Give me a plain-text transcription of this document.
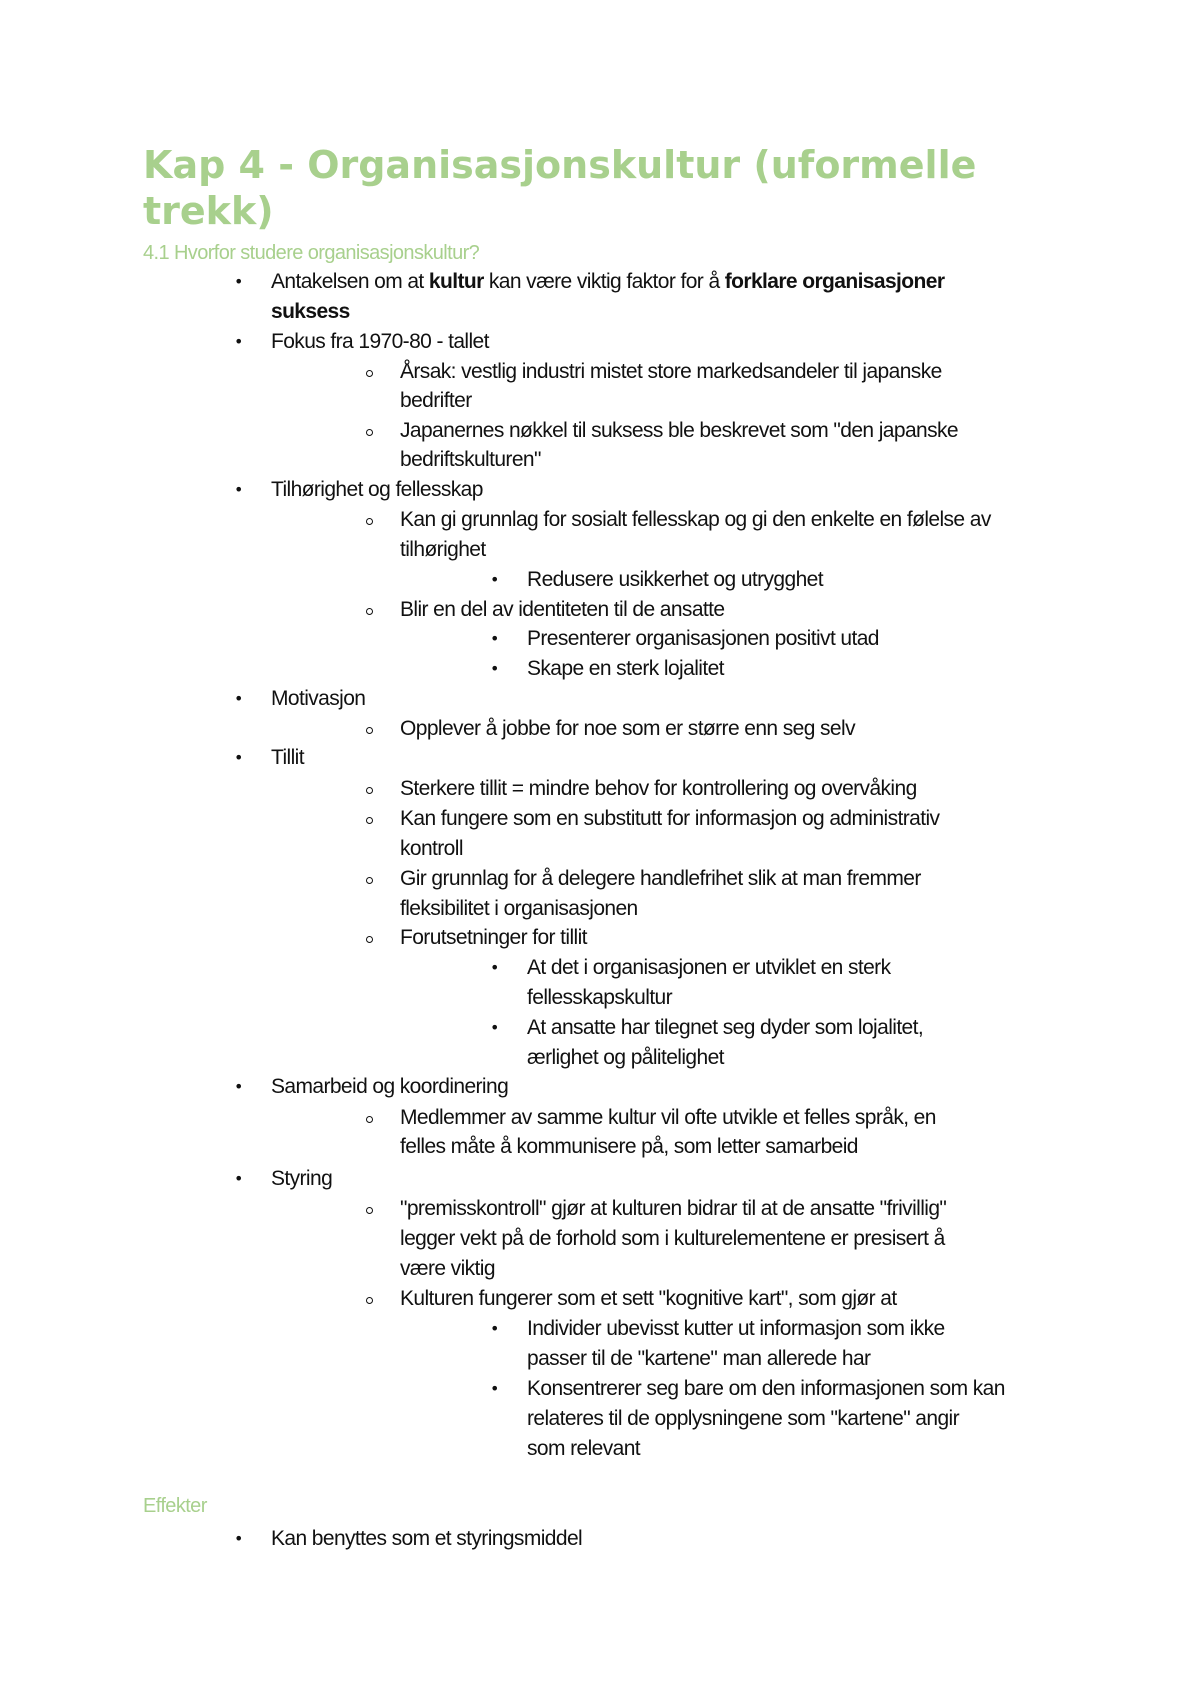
Kap 4 - Organisasjonskultur (uformelle trekk)
4.1 Hvorfor studere organisasjonskultur?
Effekter
• Antakelsen om at kultur kan være viktig faktor for å forklare organisasjoner
suksess
• Fokus fra 1970-80 - tallet
Årsak: vestlig industri mistet store markedsandeler til japanske
bedrifter
Japanernes nøkkel til suksess ble beskrevet som "den japanske
bedriftskulturen"
• Tilhørighet og fellesskap
Kan gi grunnlag for sosialt fellesskap og gi den enkelte en følelse av
tilhørighet
• Redusere usikkerhet og utrygghet
Blir en del av identiteten til de ansatte
• Presenterer organisasjonen positivt utad
• Skape en sterk lojalitet
• Motivasjon
Opplever å jobbe for noe som er større enn seg selv
• Tillit
Sterkere tillit = mindre behov for kontrollering og overvåking
Kan fungere som en substitutt for informasjon og administrativ
kontroll
Gir grunnlag for å delegere handlefrihet slik at man fremmer
fleksibilitet i organisasjonen
Forutsetninger for tillit
• At det i organisasjonen er utviklet en sterk
fellesskapskultur
• At ansatte har tilegnet seg dyder som lojalitet,
ærlighet og pålitelighet
• Samarbeid og koordinering
Medlemmer av samme kultur vil ofte utvikle et felles språk, en
felles måte å kommunisere på, som letter samarbeid
• Styring
"premisskontroll" gjør at kulturen bidrar til at de ansatte "frivillig"
legger vekt på de forhold som i kulturelementene er presisert å
være viktig
Kulturen fungerer som et sett "kognitive kart", som gjør at
• Individer ubevisst kutter ut informasjon som ikke
passer til de "kartene" man allerede har
• Konsentrerer seg bare om den informasjonen som kan
relateres til de opplysningene som "kartene" angir
som relevant
• Kan benyttes som et styringsmiddel
